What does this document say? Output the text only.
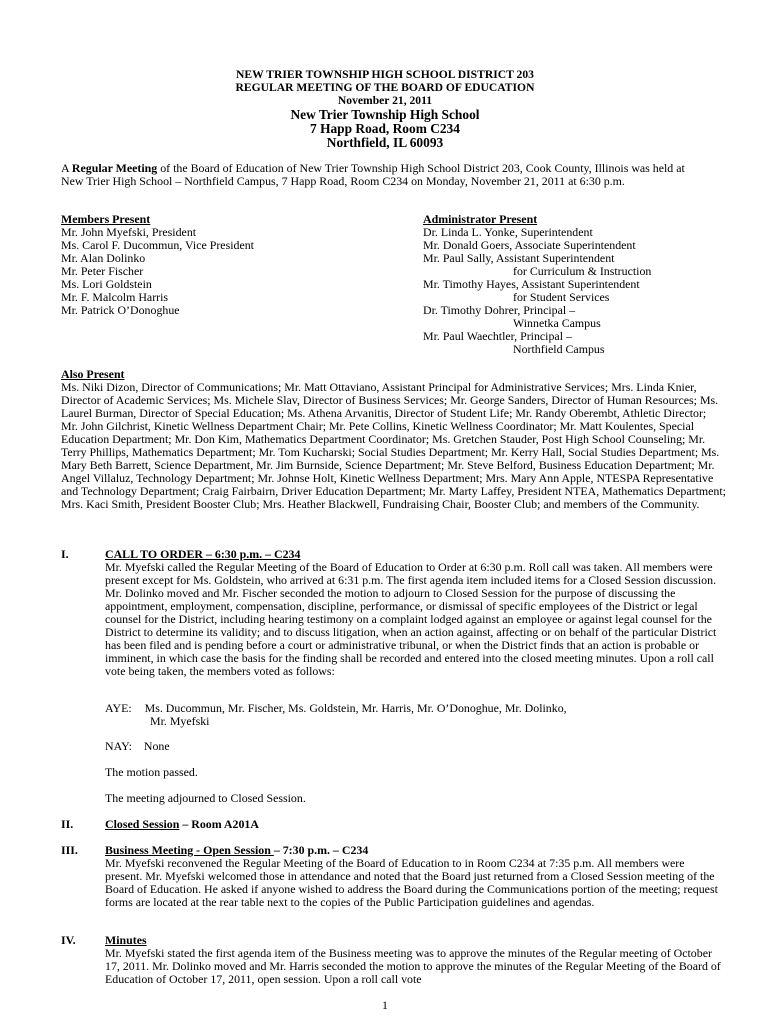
NEW TRIER TOWNSHIP HIGH SCHOOL DISTRICT 203
REGULAR MEETING OF THE BOARD OF EDUCATION
November 21, 2011
New Trier Township High School
7 Happ Road, Room C234
Northfield, IL 60093
A Regular Meeting of the Board of Education of New Trier Township High School District 203, Cook County, Illinois was held at New Trier High School – Northfield Campus, 7 Happ Road, Room C234 on Monday, November 21, 2011 at 6:30 p.m.
Members Present
Mr. John Myefski, President
Ms. Carol F. Ducommun, Vice President
Mr. Alan Dolinko
Mr. Peter Fischer
Ms. Lori Goldstein
Mr. F. Malcolm Harris
Mr. Patrick O’Donoghue
Administrator Present
Dr. Linda L. Yonke, Superintendent
Mr. Donald Goers, Associate Superintendent
Mr. Paul Sally, Assistant Superintendent
for Curriculum & Instruction
Mr. Timothy Hayes, Assistant Superintendent
for Student Services
Dr. Timothy Dohrer, Principal –
Winnetka Campus
Mr. Paul Waechtler, Principal –
Northfield Campus
Also Present
Ms. Niki Dizon, Director of Communications; Mr. Matt Ottaviano, Assistant Principal for Administrative Services; Mrs. Linda Knier, Director of Academic Services; Ms. Michele Slav, Director of Business Services; Mr. George Sanders, Director of Human Resources; Ms. Laurel Burman, Director of Special Education; Ms. Athena Arvanitis, Director of Student Life; Mr. Randy Oberembt, Athletic Director; Mr. John Gilchrist, Kinetic Wellness Department Chair; Mr. Pete Collins, Kinetic Wellness Coordinator; Mr. Matt Koulentes, Special Education Department; Mr. Don Kim, Mathematics Department Coordinator; Ms. Gretchen Stauder, Post High School Counseling; Mr. Terry Phillips, Mathematics Department; Mr. Tom Kucharski; Social Studies Department; Mr. Kerry Hall, Social Studies Department; Ms. Mary Beth Barrett, Science Department, Mr. Jim Burnside, Science Department; Mr. Steve Belford, Business Education Department; Mr. Angel Villaluz, Technology Department; Mr. Johnse Holt, Kinetic Wellness Department; Mrs. Mary Ann Apple, NTESPA Representative and Technology Department; Craig Fairbairn, Driver Education Department; Mr. Marty Laffey, President NTEA, Mathematics Department; Mrs. Kaci Smith, President Booster Club; Mrs. Heather Blackwell, Fundraising Chair, Booster Club; and members of the Community.
I.	CALL TO ORDER – 6:30 p.m. – C234
Mr. Myefski called the Regular Meeting of the Board of Education to Order at 6:30 p.m. Roll call was taken. All members were present except for Ms. Goldstein, who arrived at 6:31 p.m. The first agenda item included items for a Closed Session discussion. Mr. Dolinko moved and Mr. Fischer seconded the motion to adjourn to Closed Session for the purpose of discussing the appointment, employment, compensation, discipline, performance, or dismissal of specific employees of the District or legal counsel for the District, including hearing testimony on a complaint lodged against an employee or against legal counsel for the District to determine its validity; and to discuss litigation, when an action against, affecting or on behalf of the particular District has been filed and is pending before a court or administrative tribunal, or when the District finds that an action is probable or imminent, in which case the basis for the finding shall be recorded and entered into the closed meeting minutes. Upon a roll call vote being taken, the members voted as follows:
AYE: Ms. Ducommun, Mr. Fischer, Ms. Goldstein, Mr. Harris, Mr. O’Donoghue, Mr. Dolinko,
Mr. Myefski
NAY: None
The motion passed.
The meeting adjourned to Closed Session.
II.	Closed Session – Room A201A
III. Business Meeting - Open Session – 7:30 p.m. – C234
Mr. Myefski reconvened the Regular Meeting of the Board of Education to in Room C234 at 7:35 p.m. All members were present. Mr. Myefski welcomed those in attendance and noted that the Board just returned from a Closed Session meeting of the Board of Education. He asked if anyone wished to address the Board during the Communications portion of the meeting; request forms are located at the rear table next to the copies of the Public Participation guidelines and agendas.
IV. Minutes
Mr. Myefski stated the first agenda item of the Business meeting was to approve the minutes of the Regular meeting of October 17, 2011. Mr. Dolinko moved and Mr. Harris seconded the motion to approve the minutes of the Regular Meeting of the Board of Education of October 17, 2011, open session. Upon a roll call vote
1
